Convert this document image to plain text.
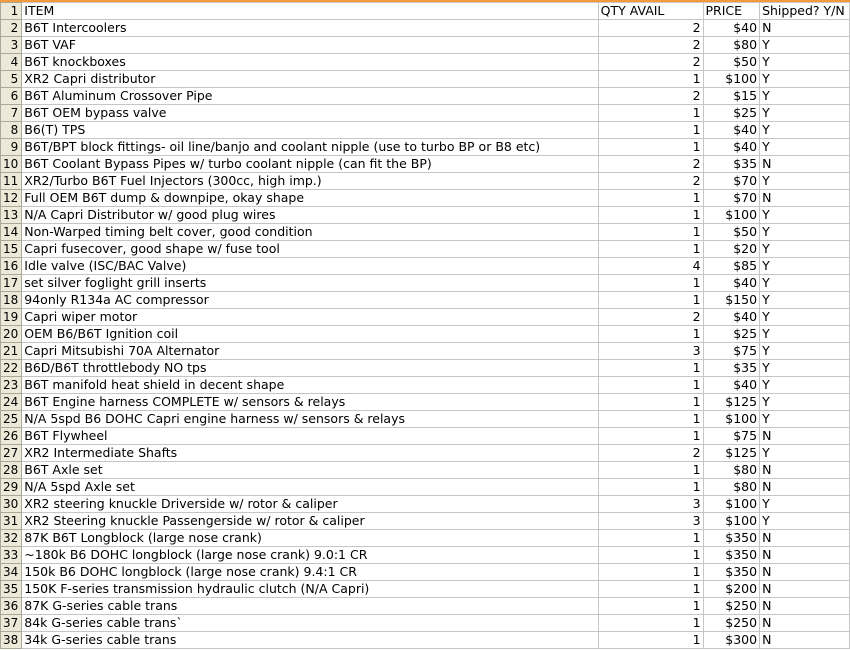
1	ITEM	QTY AVAIL	PRICE	Shipped? Y/N
2	B6T Intercoolers	2	$40	N
3	B6T VAF	2	$80	Y
4	B6T knockboxes	2	$50	Y
5	XR2 Capri distributor	1	$100	Y
6	B6T Aluminum Crossover Pipe	2	$15	Y
7	B6T OEM bypass valve	1	$25	Y
8	B6(T) TPS	1	$40	Y
9	B6T/BPT block fittings- oil line/banjo and coolant nipple (use to turbo BP or B8 etc)	1	$40	Y
10	B6T Coolant Bypass Pipes w/ turbo coolant nipple (can fit the BP)	2	$35	N
11	XR2/Turbo B6T Fuel Injectors (300cc, high imp.)	2	$70	Y
12	Full OEM B6T dump & downpipe, okay shape	1	$70	N
13	N/A Capri Distributor w/ good plug wires	1	$100	Y
14	Non-Warped timing belt cover, good condition	1	$50	Y
15	Capri fusecover, good shape w/ fuse tool	1	$20	Y
16	Idle valve (ISC/BAC Valve)	4	$85	Y
17	set silver foglight grill inserts	1	$40	Y
18	94only R134a AC compressor	1	$150	Y
19	Capri wiper motor	2	$40	Y
20	OEM B6/B6T Ignition coil	1	$25	Y
21	Capri Mitsubishi 70A Alternator	3	$75	Y
22	B6D/B6T throttlebody NO tps	1	$35	Y
23	B6T manifold heat shield in decent shape	1	$40	Y
24	B6T Engine harness COMPLETE w/ sensors & relays	1	$125	Y
25	N/A 5spd B6 DOHC Capri engine harness w/ sensors & relays	1	$100	Y
26	B6T Flywheel	1	$75	N
27	XR2 Intermediate Shafts	2	$125	Y
28	B6T Axle set	1	$80	N
29	N/A 5spd Axle set	1	$80	N
30	XR2 steering knuckle Driverside w/ rotor & caliper	3	$100	Y
31	XR2 Steering knuckle Passengerside w/ rotor & caliper	3	$100	Y
32	87K B6T Longblock (large nose crank)	1	$350	N
33	~180k B6 DOHC longblock (large nose crank) 9.0:1 CR	1	$350	N
34	150k B6 DOHC longblock (large nose crank) 9.4:1 CR	1	$350	N
35	150K F-series transmission hydraulic clutch (N/A Capri)	1	$200	N
36	87K G-series cable trans	1	$250	N
37	84k G-series cable trans`	1	$250	N
38	34k G-series cable trans	1	$300	N
